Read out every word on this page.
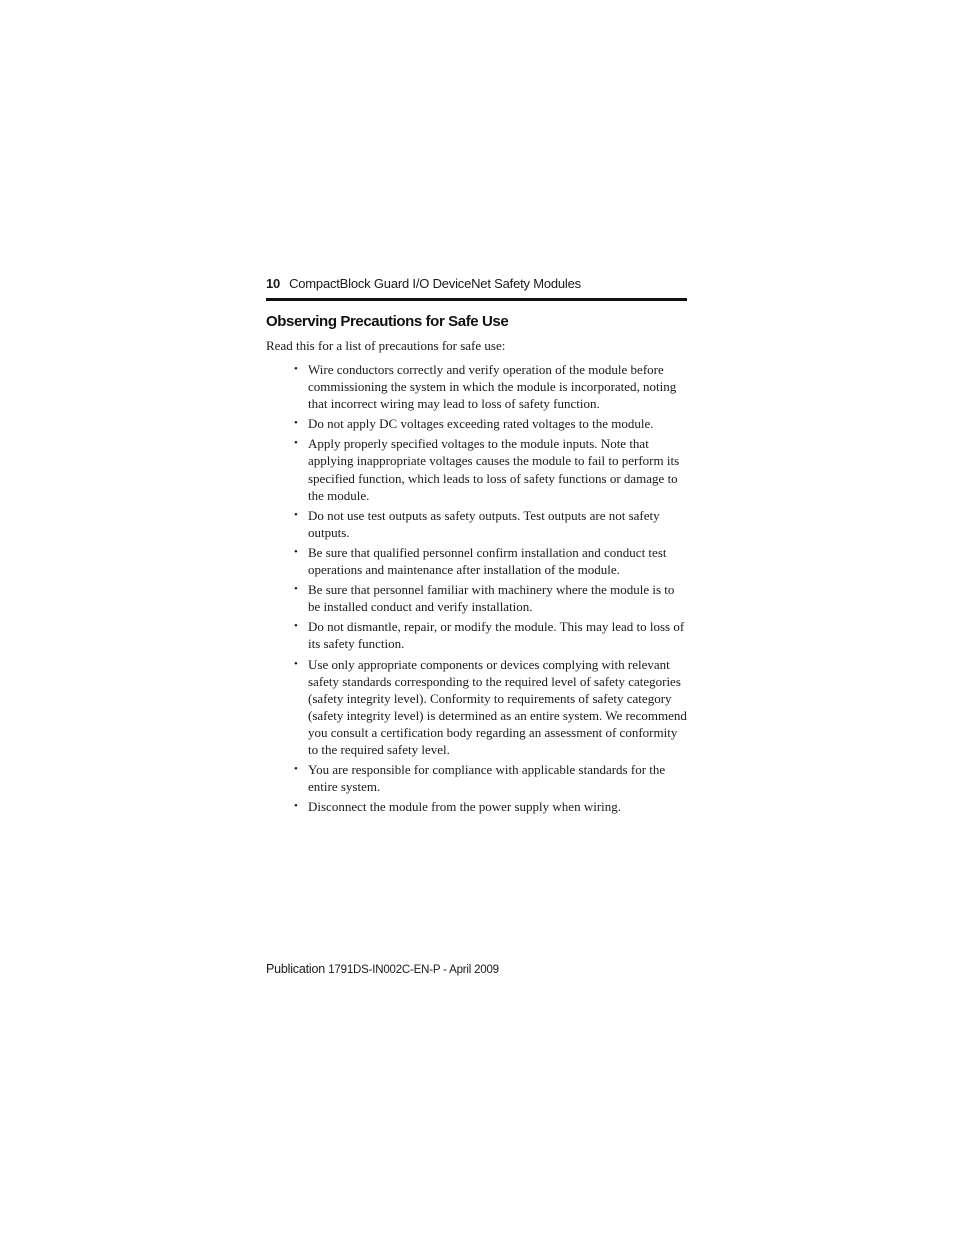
10 CompactBlock Guard I/O DeviceNet Safety Modules
Observing Precautions for Safe Use

Read this for a list of precautions for safe use:

• Wire conductors correctly and verify operation of the module before commissioning the system in which the module is incorporated, noting that incorrect wiring may lead to loss of safety function.
• Do not apply DC voltages exceeding rated voltages to the module.
• Apply properly specified voltages to the module inputs. Note that applying inappropriate voltages causes the module to fail to perform its specified function, which leads to loss of safety functions or damage to the module.
• Do not use test outputs as safety outputs. Test outputs are not safety outputs.
• Be sure that qualified personnel confirm installation and conduct test operations and maintenance after installation of the module.
• Be sure that personnel familiar with machinery where the module is to be installed conduct and verify installation.
• Do not dismantle, repair, or modify the module. This may lead to loss of its safety function.
• Use only appropriate components or devices complying with relevant safety standards corresponding to the required level of safety categories (safety integrity level). Conformity to requirements of safety category (safety integrity level) is determined as an entire system. We recommend you consult a certification body regarding an assessment of conformity to the required safety level.
• You are responsible for compliance with applicable standards for the entire system.
• Disconnect the module from the power supply when wiring.
Publication 1791DS-IN002C-EN-P - April 2009
